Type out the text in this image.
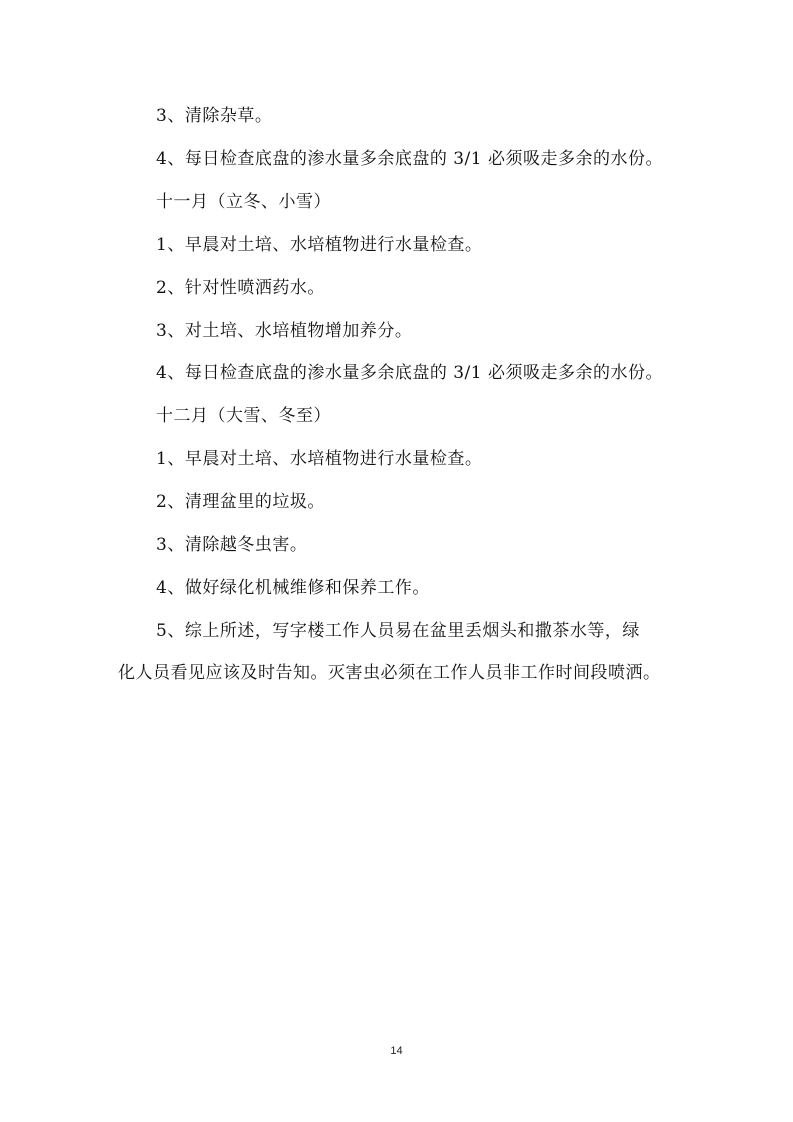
3、清除杂草。
4、每日检查底盘的渗水量多余底盘的 3/1 必须吸走多余的水份。
十一月（立冬、小雪）
1、早晨对土培、水培植物进行水量检查。
2、针对性喷洒药水。
3、对土培、水培植物增加养分。
4、每日检查底盘的渗水量多余底盘的 3/1 必须吸走多余的水份。
十二月（大雪、冬至）
1、早晨对土培、水培植物进行水量检查。
2、清理盆里的垃圾。
3、清除越冬虫害。
4、做好绿化机械维修和保养工作。
5、综上所述，写字楼工作人员易在盆里丢烟头和撒茶水等，绿
化人员看见应该及时告知。灭害虫必须在工作人员非工作时间段喷洒。
14
